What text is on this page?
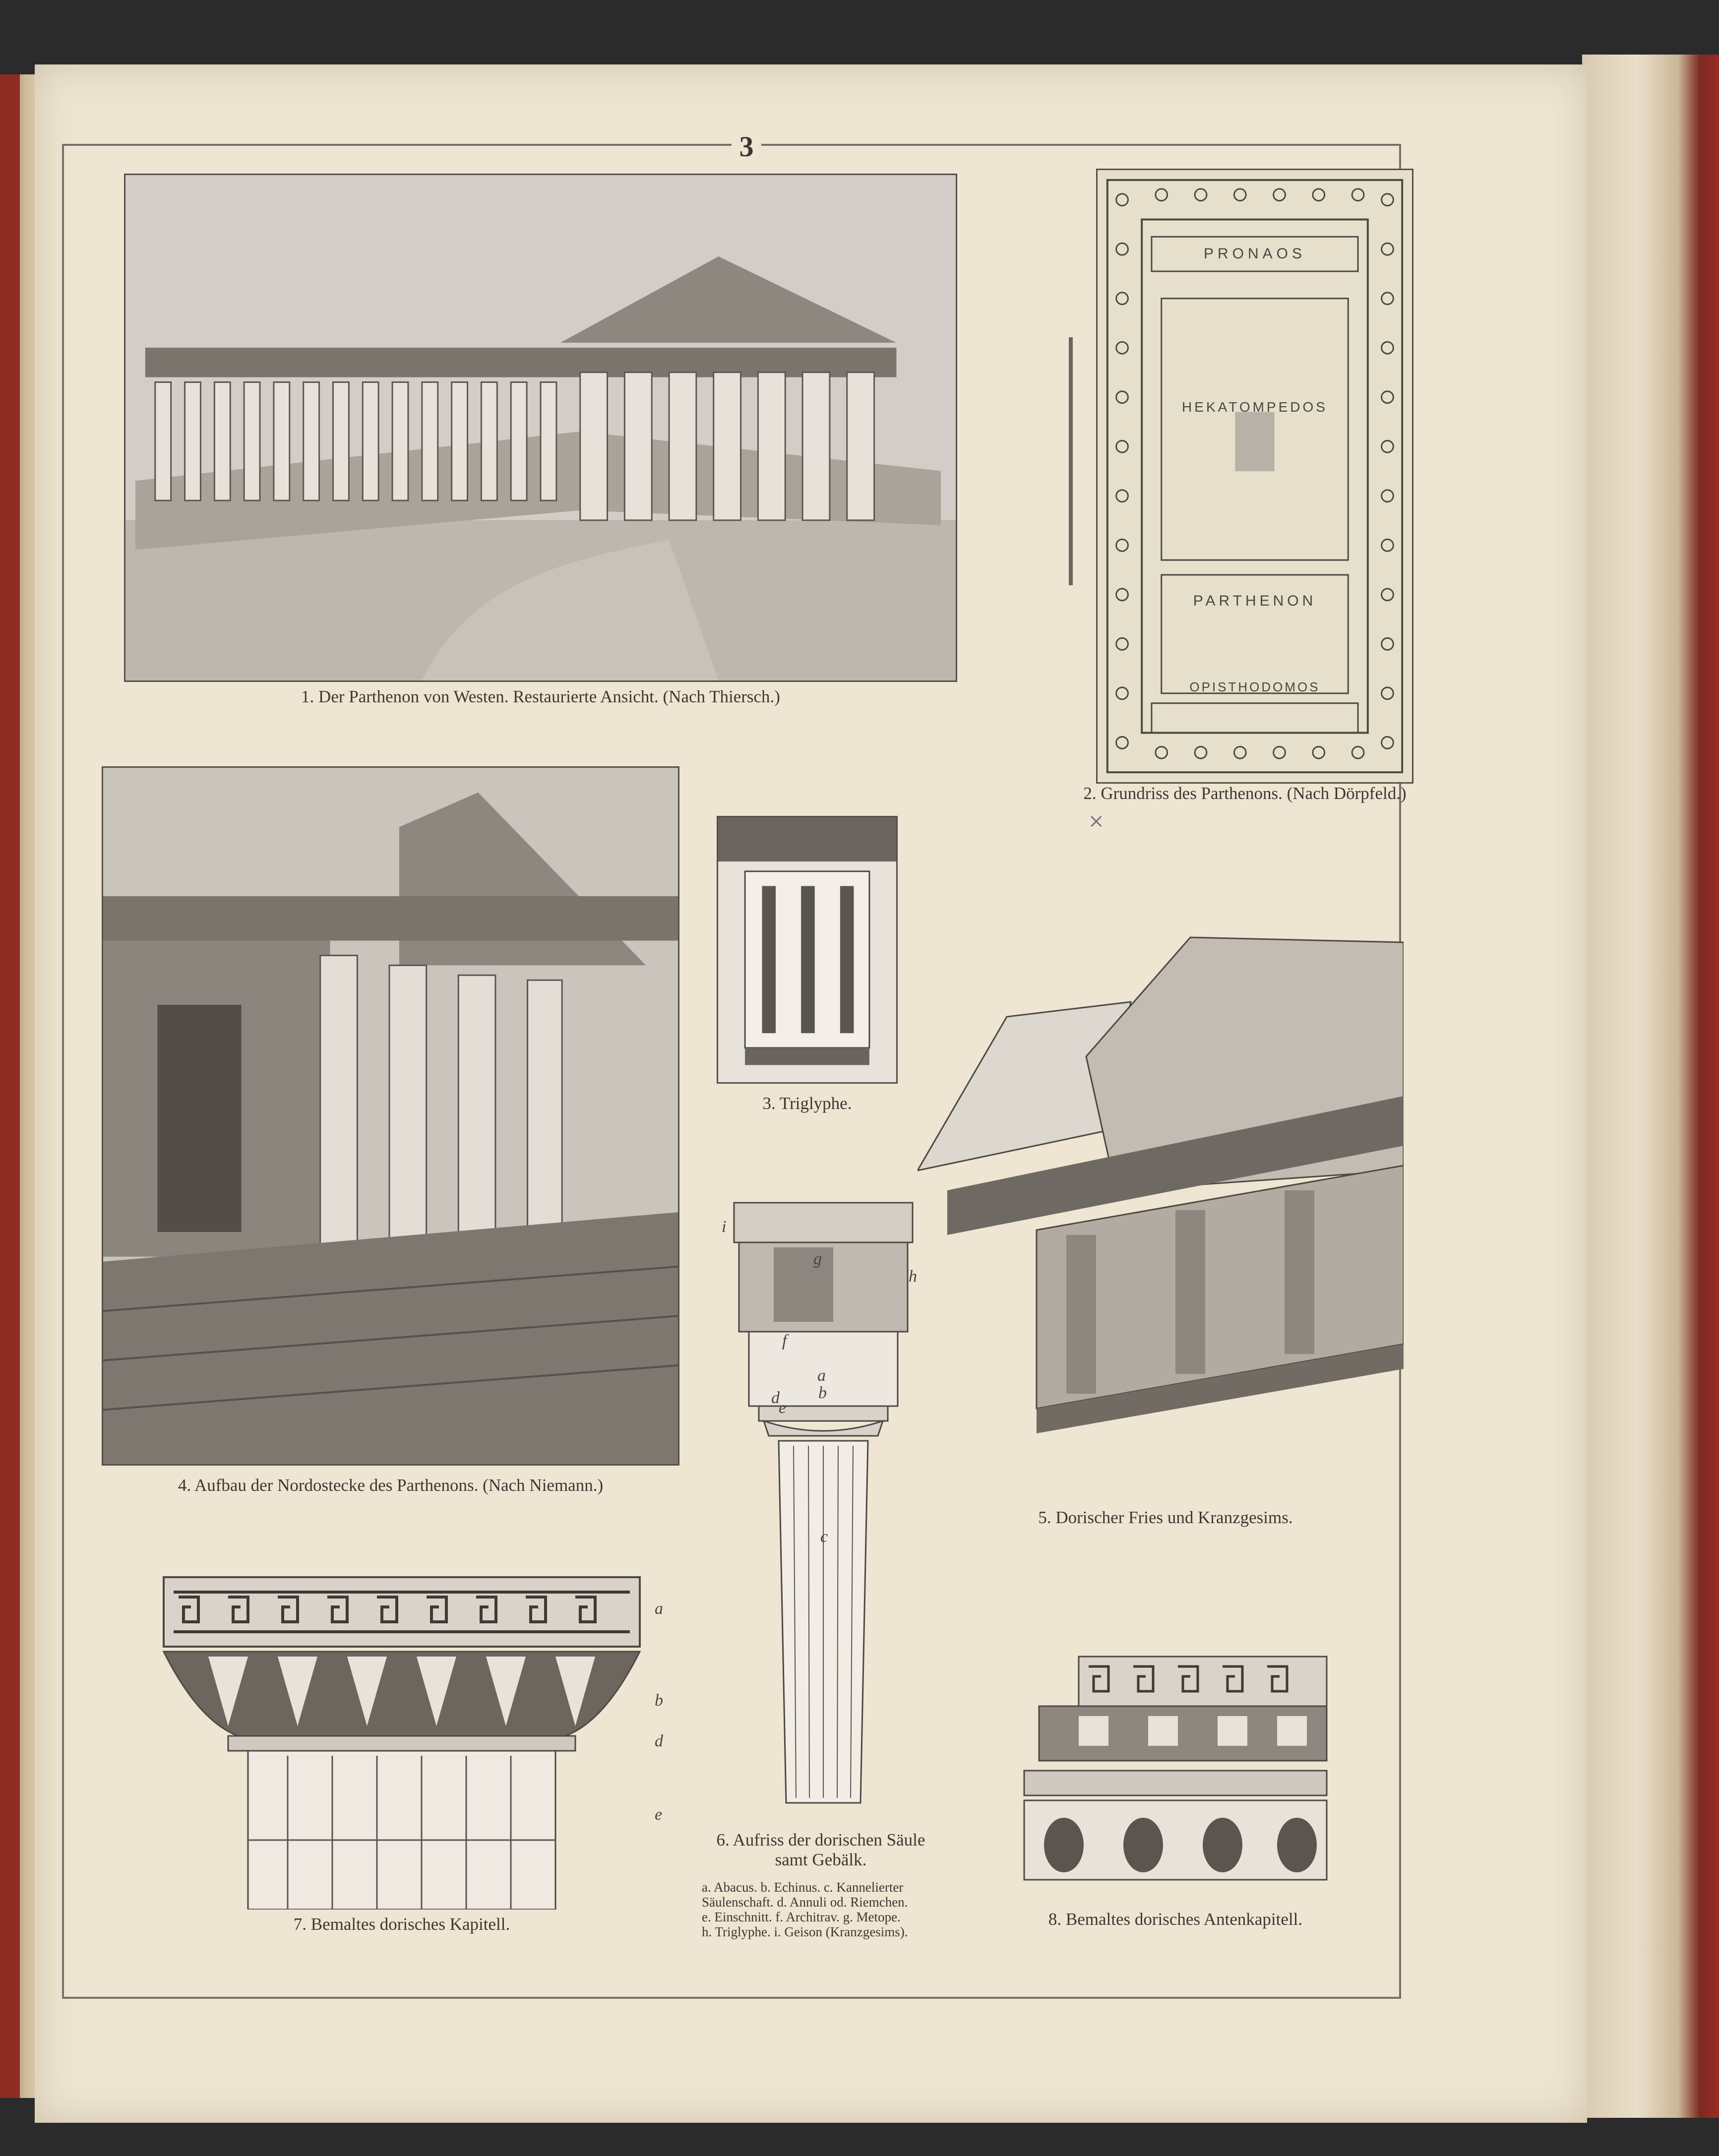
3
1. Der Parthenon von Westen. Restaurierte Ansicht. (Nach Thiersch.)
PRONAOS
HEKATOMPEDOS
PARTHENON
OPISTHODOMOS
2. Grundriss des Parthenons. (Nach Dörpfeld.)
×
3. Triglyphe.
4. Aufbau der Nordostecke des Parthenons. (Nach Niemann.)
5. Dorischer Fries und Kranzgesims.
i
g
h
f
a
b
d
e
c
6. Aufriss der dorischen Säule
samt Gebälk.
a. Abacus. b. Echinus. c. Kannelierter
Säulenschaft. d. Annuli od. Riemchen.
e. Einschnitt. f. Architrav. g. Metope.
h. Triglyphe. i. Geison (Kranzgesims).
a
b
d
e
7. Bemaltes dorisches Kapitell.	8. Bemaltes dorisches Antenkapitell.
